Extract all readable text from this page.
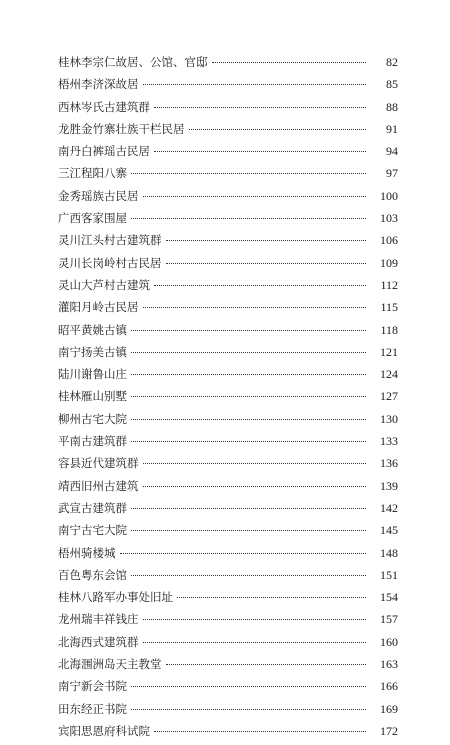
桂林李宗仁故居、公馆、官邸	82
梧州李济深故居	85
西林岑氏古建筑群	88
龙胜金竹寨壮族干栏民居	91
南丹白裤瑶古民居	94
三江程阳八寨	97
金秀瑶族古民居	100
广西客家围屋	103
灵川江头村古建筑群	106
灵川长岗岭村古民居	109
灵山大芦村古建筑	112
灌阳月岭古民居	115
昭平黄姚古镇	118
南宁扬美古镇	121
陆川谢鲁山庄	124
桂林雁山别墅	127
柳州古宅大院	130
平南古建筑群	133
容县近代建筑群	136
靖西旧州古建筑	139
武宣古建筑群	142
南宁古宅大院	145
梧州骑楼城	148
百色粤东会馆	151
桂林八路军办事处旧址	154
龙州瑞丰祥钱庄	157
北海西式建筑群	160
北海涠洲岛天主教堂	163
南宁新会书院	166
田东经正书院	169
宾阳思恩府科试院	172
